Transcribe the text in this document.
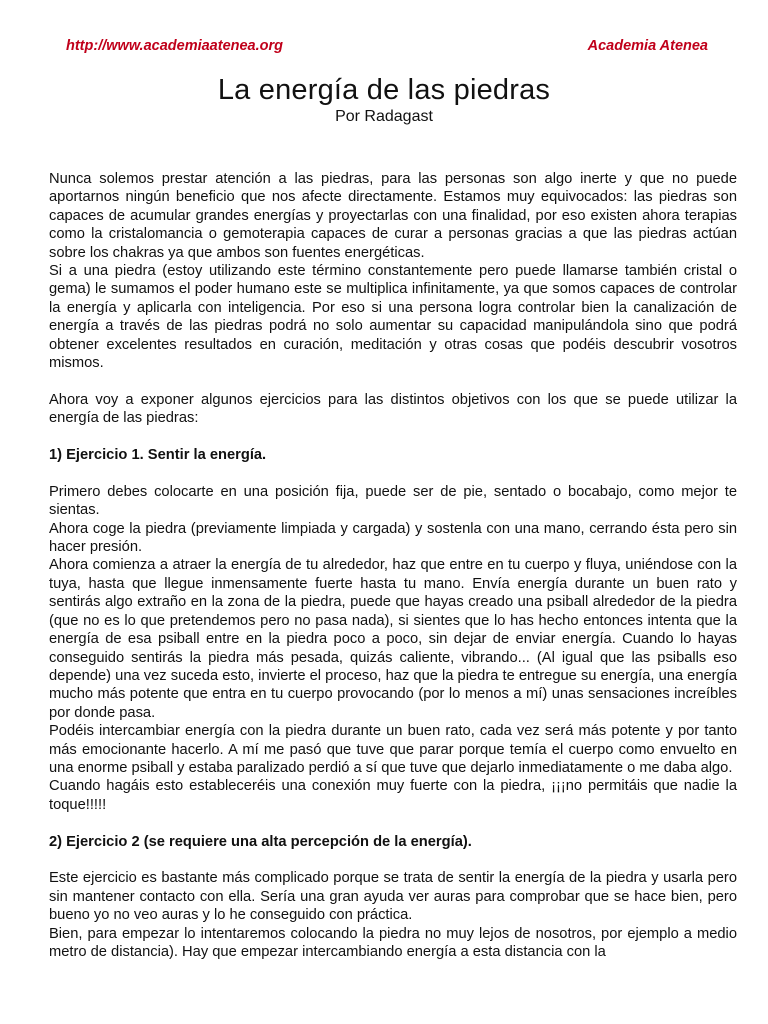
http://www.academiaatenea.org	Academia Atenea
La energía de las piedras
Por Radagast

Nunca solemos prestar atención a las piedras, para las personas son algo inerte y que no puede aportarnos ningún beneficio que nos afecte directamente. Estamos muy equivocados: las piedras son capaces de acumular grandes energías y proyectarlas con una finalidad, por eso existen ahora terapias como la cristalomancia o gemoterapia capaces de curar a personas gracias a que las piedras actúan sobre los chakras ya que ambos son fuentes energéticas.

Si a una piedra (estoy utilizando este término constantemente pero puede llamarse también cristal o gema) le sumamos el poder humano este se multiplica infinitamente, ya que somos capaces de controlar la energía y aplicarla con inteligencia. Por eso si una persona logra controlar bien la canalización de energía a través de las piedras podrá no solo aumentar su capacidad manipulándola sino que podrá obtener excelentes resultados en curación, meditación y otras cosas que podéis descubrir vosotros mismos.

Ahora voy a exponer algunos ejercicios para las distintos objetivos con los que se puede utilizar la energía de las piedras:

1) Ejercicio 1. Sentir la energía.

Primero debes colocarte en una posición fija, puede ser de pie, sentado o bocabajo, como mejor te sientas.

Ahora coge la piedra (previamente limpiada y cargada) y sostenla con una mano, cerrando ésta pero sin hacer presión.

Ahora comienza a atraer la energía de tu alrededor, haz que entre en tu cuerpo y fluya, uniéndose con la tuya, hasta que llegue inmensamente fuerte hasta tu mano. Envía energía durante un buen rato y sentirás algo extraño en la zona de la piedra, puede que hayas creado una psiball alrededor de la piedra (que no es lo que pretendemos pero no pasa nada), si sientes que lo has hecho entonces intenta que la energía de esa psiball entre en la piedra poco a poco, sin dejar de enviar energía. Cuando lo hayas conseguido sentirás la piedra más pesada, quizás caliente, vibrando... (Al igual que las psiballs eso depende) una vez suceda esto, invierte el proceso, haz que la piedra te entregue su energía, una energía mucho más potente que entra en tu cuerpo provocando (por lo menos a mí) unas sensaciones increíbles por donde pasa.

Podéis intercambiar energía con la piedra durante un buen rato, cada vez será más potente y por tanto más emocionante hacerlo. A mí me pasó que tuve que parar porque temía el cuerpo como envuelto en una enorme psiball y estaba paralizado perdió a sí que tuve que dejarlo inmediatamente o me daba algo.

Cuando hagáis esto estableceréis una conexión muy fuerte con la piedra, ¡¡¡no permitáis que nadie la toque!!!!!

2) Ejercicio 2 (se requiere una alta percepción de la energía).

Este ejercicio es bastante más complicado porque se trata de sentir la energía de la piedra y usarla pero sin mantener contacto con ella. Sería una gran ayuda ver auras para comprobar que se hace bien, pero bueno yo no veo auras y lo he conseguido con práctica.

Bien, para empezar lo intentaremos colocando la piedra no muy lejos de nosotros, por ejemplo a medio metro de distancia). Hay que empezar intercambiando energía a esta distancia con la
